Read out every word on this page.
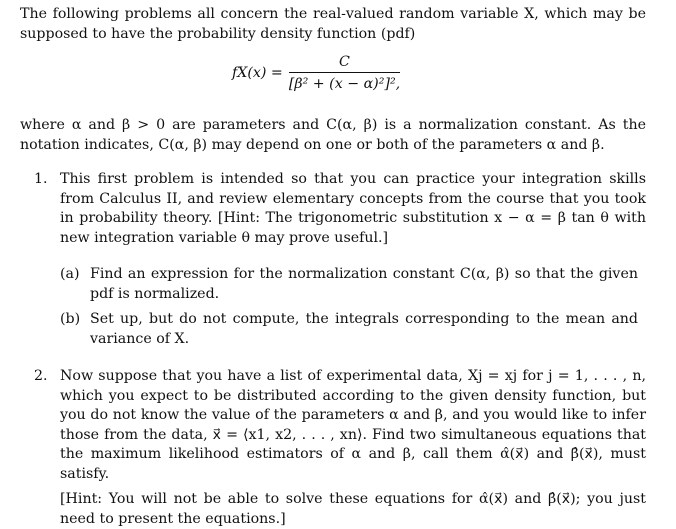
The following problems all concern the real-valued random variable X, which may be supposed to have the probability density function (pdf)

$fX(x) = \frac{C}{\text{[β² + (x − α)²]²,}}$

where α and β > 0 are parameters and C(α, β) is a normalization constant. As the notation indicates, C(α, β) may depend on one or both of the parameters α and β.

1. This first problem is intended so that you can practice your integration skills from Calculus II, and review elementary concepts from the course that you took in probability theory. [Hint: The trigonometric substitution x − α = β tan θ with new integration variable θ may prove useful.]

(a) Find an expression for the normalization constant C(α, β) so that the given pdf is normalized.

(b) Set up, but do not compute, the integrals corresponding to the mean and variance of X.

2. Now suppose that you have a list of experimental data, Xj = xj for j = 1, . . . , n, which you expect to be distributed according to the given density function, but you do not know the value of the parameters α and β, and you would like to infer those from the data, x⃗ = ⟨x1, x2, . . . , xn⟩. Find two simultaneous equations that the maximum likelihood estimators of α and β, call them α̂(x⃗) and β̂(x⃗), must satisfy.

[Hint: You will not be able to solve these equations for α̂(x⃗) and β̂(x⃗); you just need to present the equations.]
